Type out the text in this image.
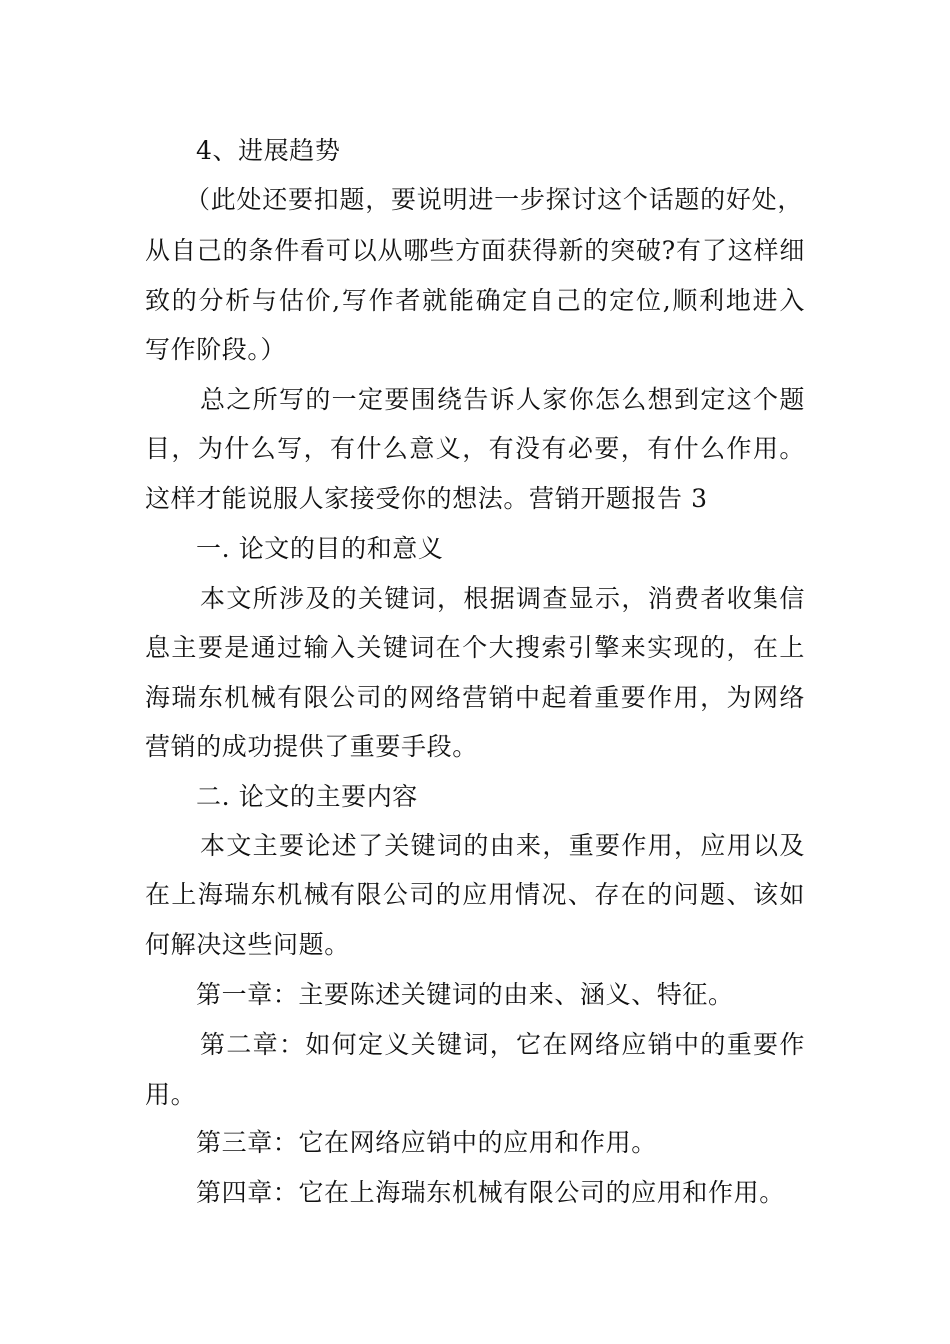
4、进展趋势
（此处还要扣题，要说明进一步探讨这个话题的好处，
从自己的条件看可以从哪些方面获得新的突破?有了这样细
致的分析与估价,写作者就能确定自己的定位,顺利地进入
写作阶段。）
总之所写的一定要围绕告诉人家你怎么想到定这个题
目，为什么写，有什么意义，有没有必要，有什么作用。
这样才能说服人家接受你的想法。营销开题报告 3
一. 论文的目的和意义
本文所涉及的关键词，根据调查显示，消费者收集信
息主要是通过输入关键词在个大搜索引擎来实现的，在上
海瑞东机械有限公司的网络营销中起着重要作用，为网络
营销的成功提供了重要手段。
二. 论文的主要内容
本文主要论述了关键词的由来，重要作用，应用以及
在上海瑞东机械有限公司的应用情况、存在的问题、该如
何解决这些问题。
第一章：主要陈述关键词的由来、涵义、特征。
第二章：如何定义关键词，它在网络应销中的重要作
用。
第三章：它在网络应销中的应用和作用。
第四章：它在上海瑞东机械有限公司的应用和作用。
